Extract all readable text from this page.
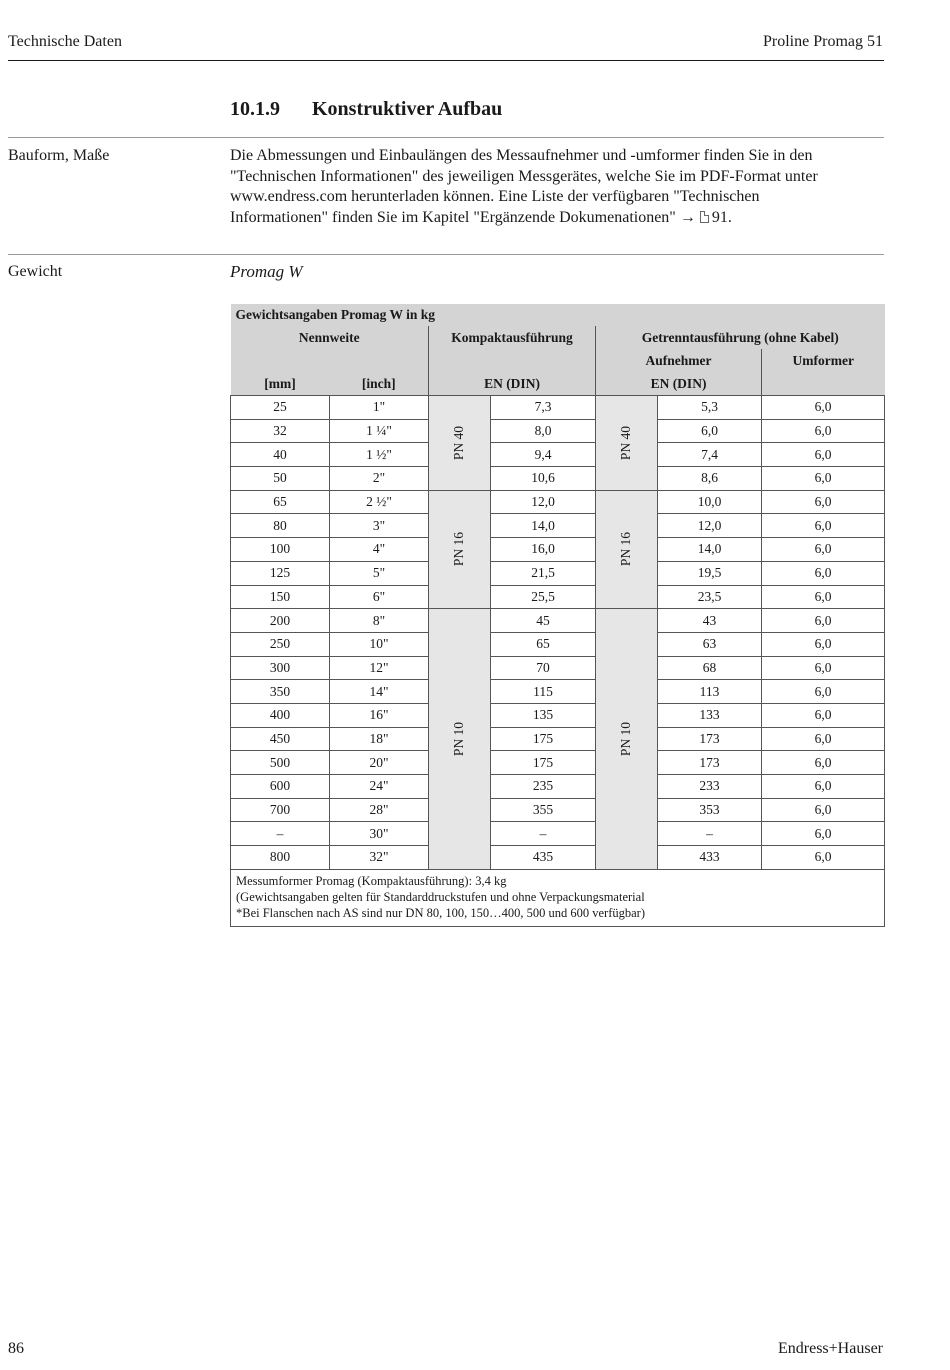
Technische Daten	Proline Promag 51
10.1.9 Konstruktiver Aufbau
Bauform, Maße	Die Abmessungen und Einbaulängen des Messaufnehmer und -umformer finden Sie in den "Technischen Informationen" des jeweiligen Messgerätes, welche Sie im PDF-Format unter www.endress.com herunterladen können. Eine Liste der verfügbaren "Technischen Informationen" finden Sie im Kapitel "Ergänzende Dokumenationen" → 91.
Gewicht	Promag W
Gewichtsangaben Promag W in kg						
Nennweite		Kompaktausführung		Getrenntausführung (ohne Kabel)		
				Aufnehmer		Umformer
[mm]	[inch]	EN (DIN)		EN (DIN)		
25	1"	PN 40	7,3	PN 40	5,3	6,0
32	1 ¼"		8,0		6,0	6,0
40	1 ½"		9,4		7,4	6,0
50	2"		10,6		8,6	6,0
65	2 ½"	PN 16	12,0	PN 16	10,0	6,0
80	3"		14,0		12,0	6,0
100	4"		16,0		14,0	6,0
125	5"		21,5		19,5	6,0
150	6"		25,5		23,5	6,0
200	8"	PN 10	45	PN 10	43	6,0
250	10"		65		63	6,0
300	12"		70		68	6,0
350	14"		115		113	6,0
400	16"		135		133	6,0
450	18"		175		173	6,0
500	20"		175		173	6,0
600	24"		235		233	6,0
700	28"		355		353	6,0
–	30"		–		–	6,0
800	32"		435		433	6,0

Messumformer Promag (Kompaktausführung): 3,4 kg
(Gewichtsangaben gelten für Standarddruckstufen und ohne Verpackungsmaterial
*Bei Flanschen nach AS sind nur DN 80, 100, 150…400, 500 und 600 verfügbar)						
86	Endress+Hauser
